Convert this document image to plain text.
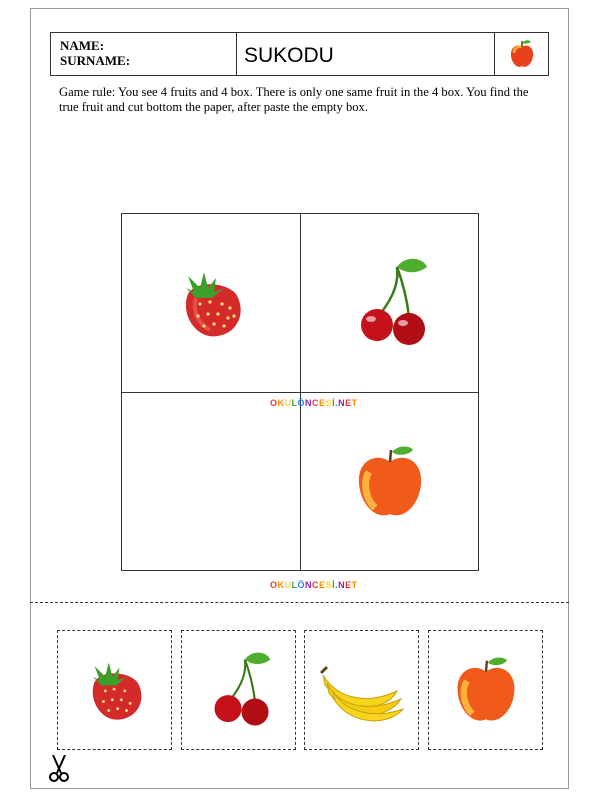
NAME:
SURNAME:	SUKODU
Game rule: You see 4 fruits and 4 box. There is only one same fruit in the 4 box. You find the true fruit and cut bottom the paper, after paste the empty box.
OKULÖNCESİ.NET
OKULÖNCESİ.NET
